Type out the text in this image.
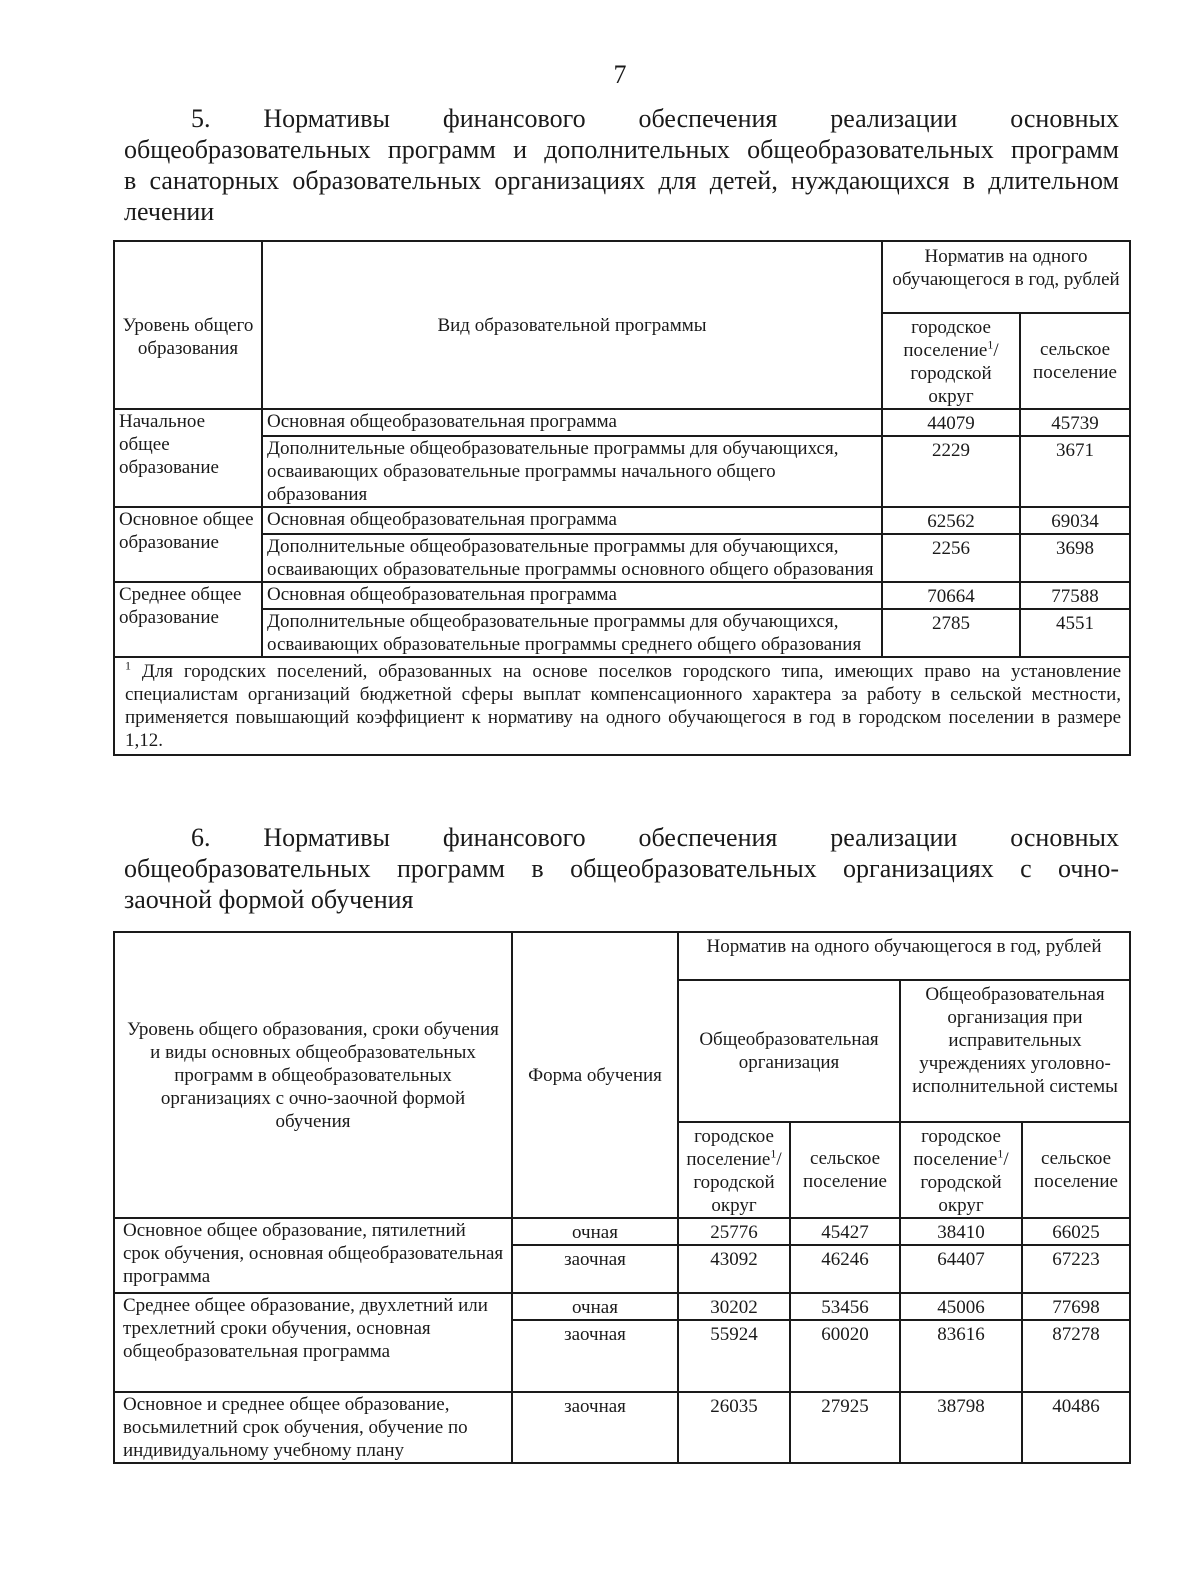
7
5. Нормативы финансового обеспечения реализации основных
общеобразовательных программ и дополнительных общеобразовательных программ
в санаторных образовательных организациях для детей, нуждающихся в длительном
лечении
Уровень общего образования	Вид образовательной программы	Норматив на одного обучающегося в год, рублей	
		городское поселение$^1$/ городской округ	сельское поселение
Начальное общее образование	Основная общеобразовательная программа	44079	45739
	Дополнительные общеобразовательные программы для обучающихся, осваивающих образовательные программы начального общего образования	2229	3671
Основное общее образование	Основная общеобразовательная программа	62562	69034
	Дополнительные общеобразовательные программы для обучающихся, осваивающих образовательные программы основного общего образования	2256	3698
Среднее общее образование	Основная общеобразовательная программа	70664	77588
	Дополнительные общеобразовательные программы для обучающихся, осваивающих образовательные программы среднего общего образования	2785	4551
$^1$ Для городских поселений, образованных на основе поселков городского типа, имеющих право на установление специалистам организаций бюджетной сферы выплат компенсационного характера за работу в сельской местности, применяется повышающий коэффициент к нормативу на одного обучающегося в год в городском поселении в размере 1,12.			
6. Нормативы финансового обеспечения реализации основных
общеобразовательных программ в общеобразовательных организациях с очно-
заочной формой обучения
Уровень общего образования, сроки обучения и виды основных общеобразовательных программ в общеобразовательных организациях с очно-заочной формой обучения	Форма обучения	Норматив на одного обучающегося в год, рублей			
		Общеобразовательная организация		Общеобразовательная организация при исправительных учреждениях уголовно-исполнительной системы	
		городское поселение$^1$/ городской округ	сельское поселение	городское поселение$^1$/ городской округ	сельское поселение
Основное общее образование, пятилетний срок обучения, основная общеобразовательная программа	очная	25776	45427	38410	66025
	заочная	43092	46246	64407	67223
Среднее общее образование, двухлетний или трехлетний сроки обучения, основная общеобразовательная программа	очная	30202	53456	45006	77698
	заочная	55924	60020	83616	87278
Основное и среднее общее образование, восьмилетний срок обучения, обучение по индивидуальному учебному плану	заочная	26035	27925	38798	40486
